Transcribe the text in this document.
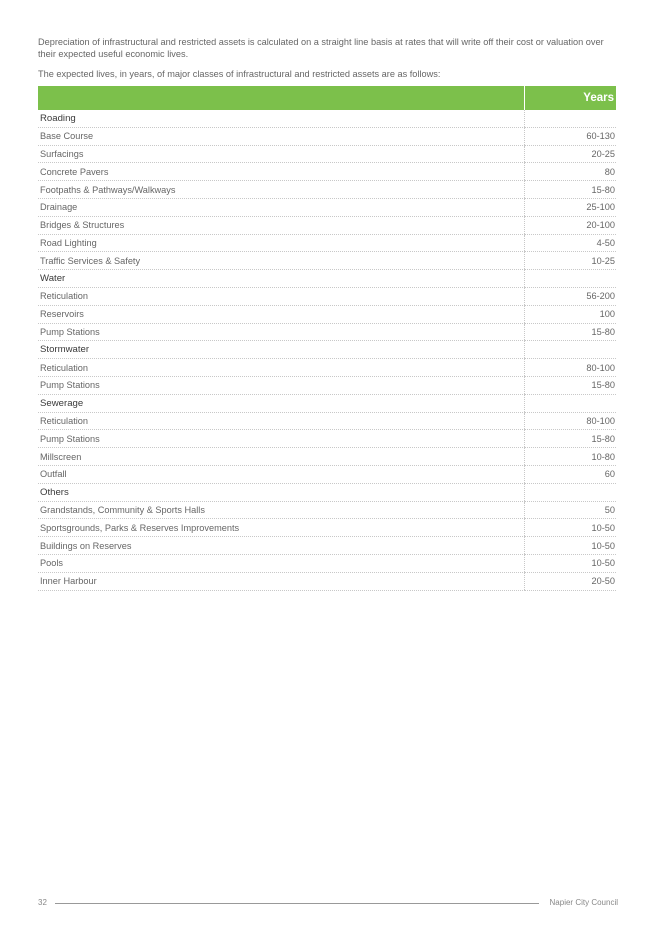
Depreciation of infrastructural and restricted assets is calculated on a straight line basis at rates that will write off their cost or valuation over their expected useful economic lives.

The expected lives, in years, of major classes of infrastructural and restricted assets are as follows:

	Years
Roading	
Base Course	60-130
Surfacings	20-25
Concrete Pavers	80
Footpaths & Pathways/Walkways	15-80
Drainage	25-100
Bridges & Structures	20-100
Road Lighting	4-50
Traffic Services & Safety	10-25
Water	
Reticulation	56-200
Reservoirs	100
Pump Stations	15-80
Stormwater	
Reticulation	80-100
Pump Stations	15-80
Sewerage	
Reticulation	80-100
Pump Stations	15-80
Millscreen	10-80
Outfall	60
Others	
Grandstands, Community & Sports Halls	50
Sportsgrounds, Parks & Reserves Improvements	10-50
Buildings on Reserves	10-50
Pools	10-50
Inner Harbour	20-50
32	Napier City Council
